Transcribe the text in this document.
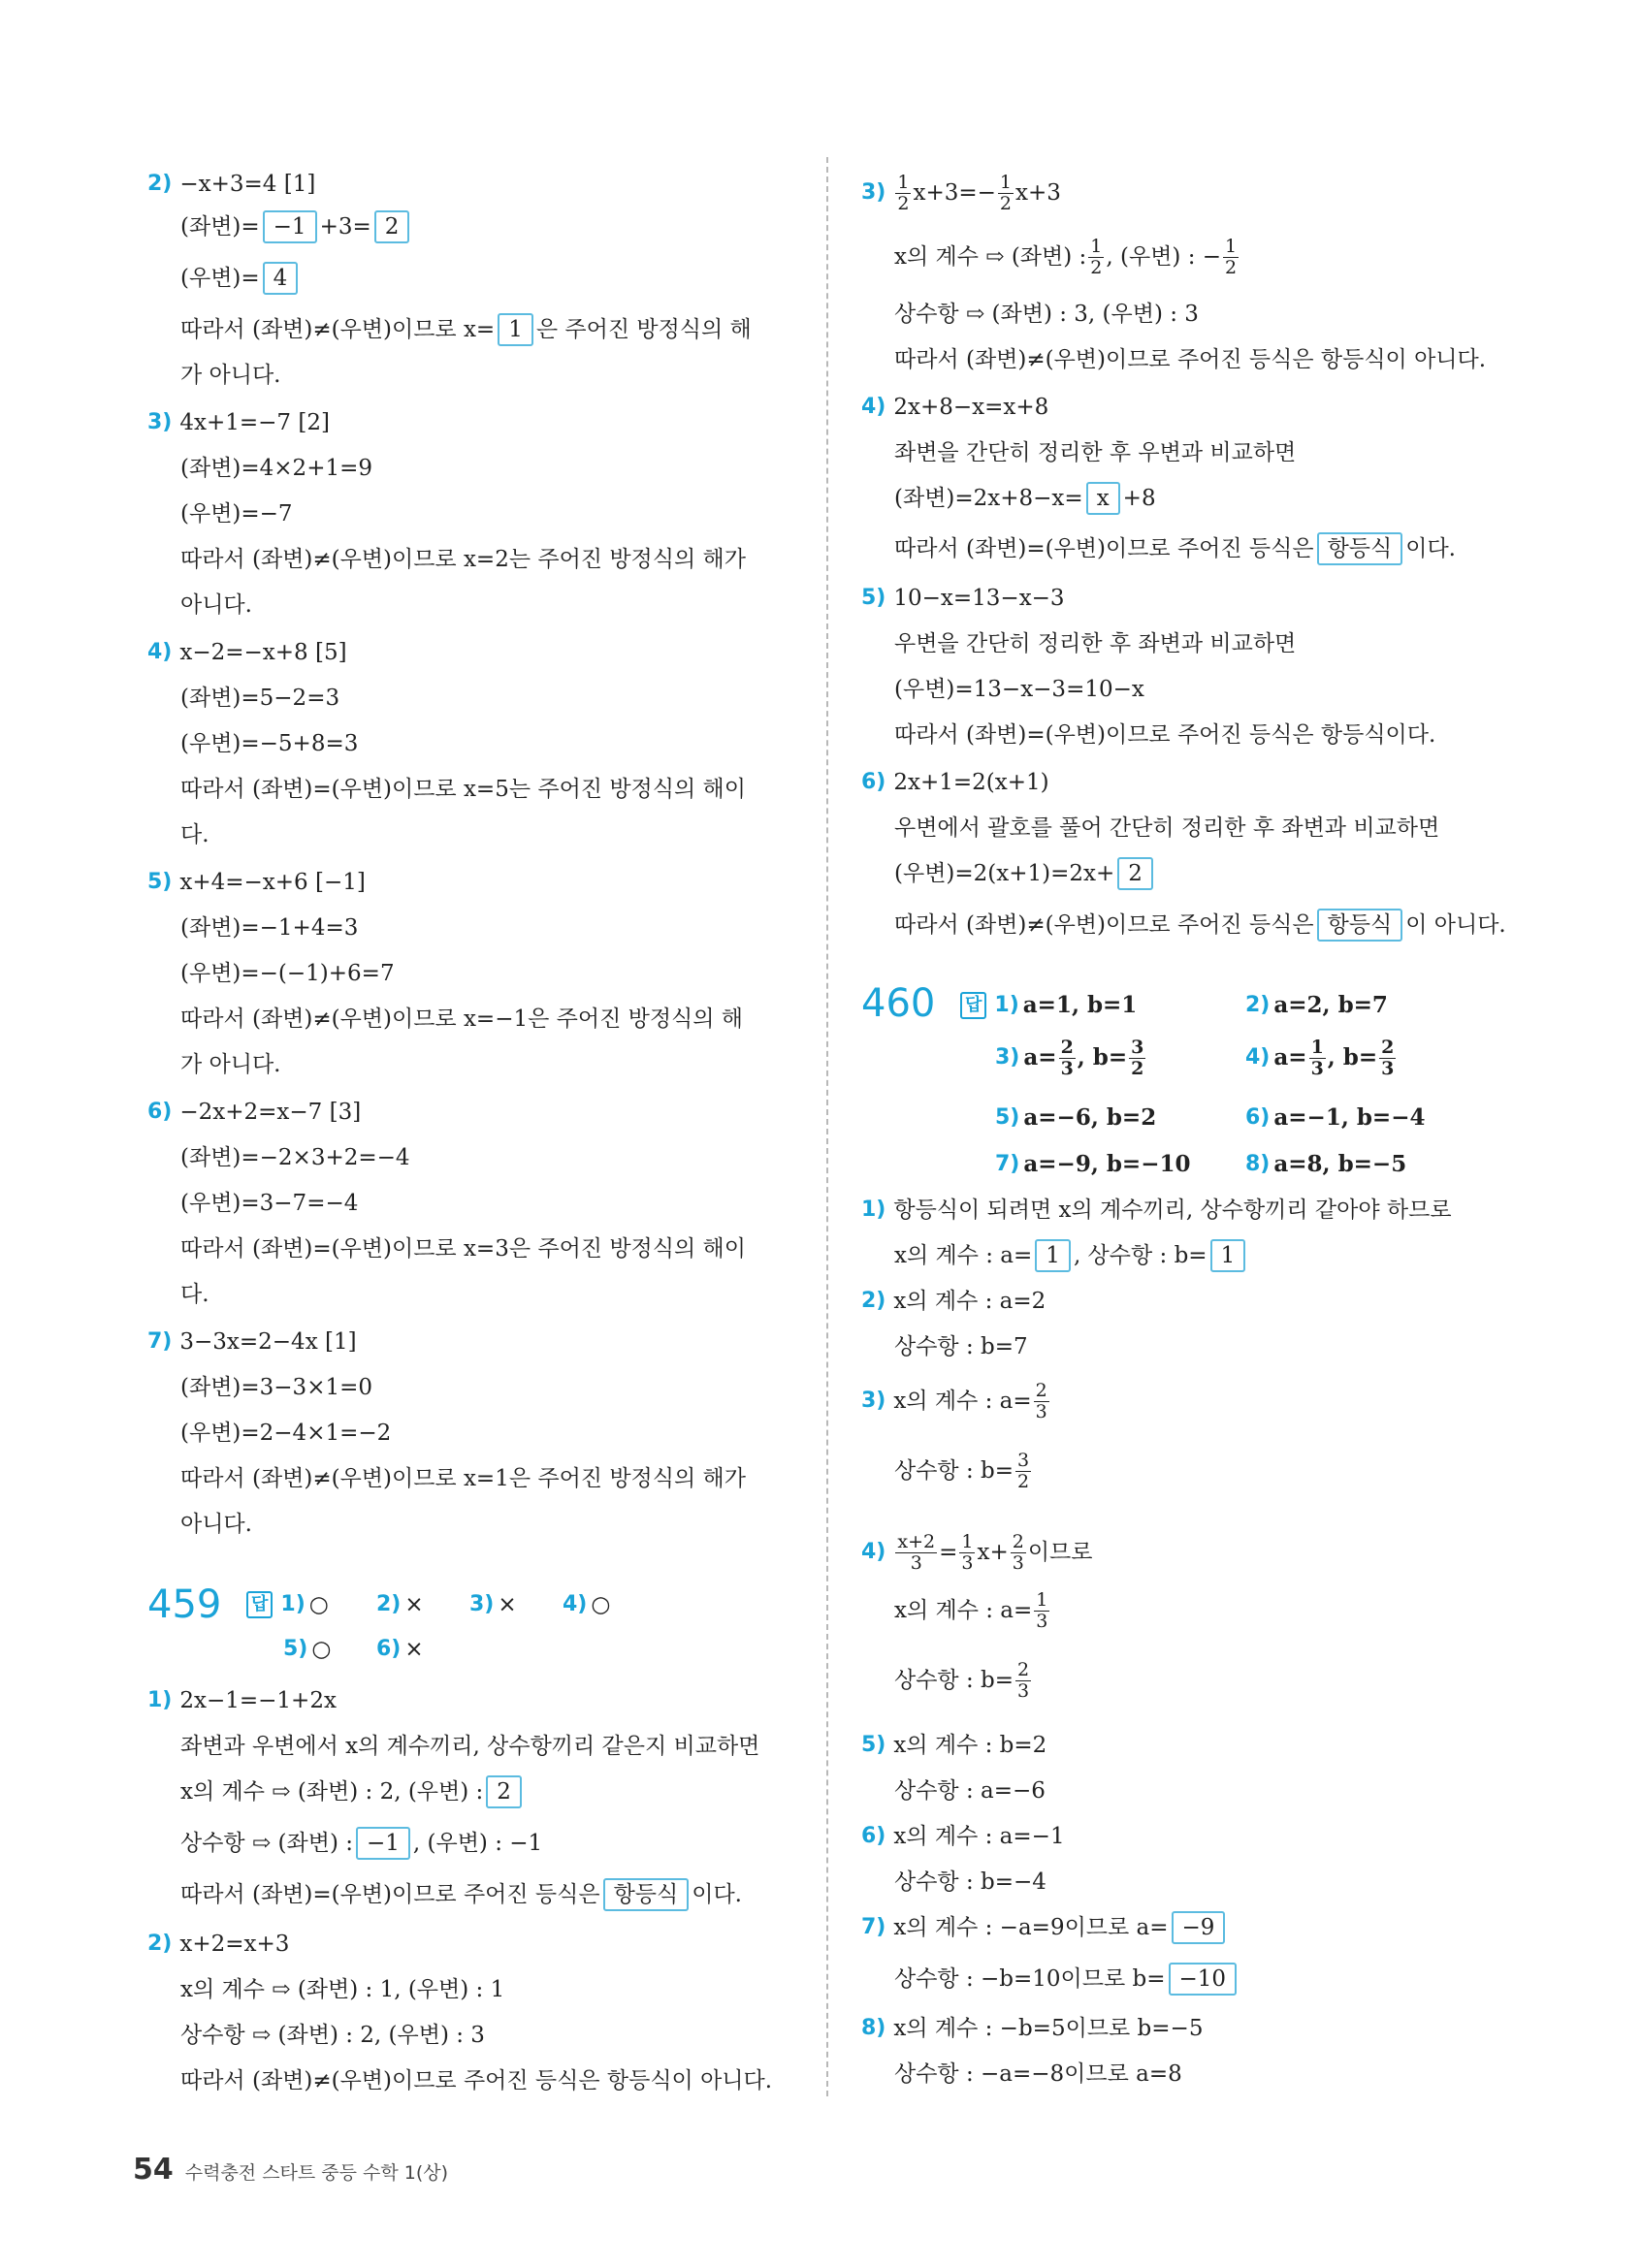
2) −x+3=4 [1]
(좌변)= −1 +3= 2
(우변)= 4
따라서 (좌변)≠(우변)이므로 x= 1 은 주어진 방정식의 해
가 아니다.
3) 4x+1=−7 [2]
(좌변)=4×2+1=9
(우변)=−7
따라서 (좌변)≠(우변)이므로 x=2는 주어진 방정식의 해가
아니다.
4) x−2=−x+8 [5]
(좌변)=5−2=3
(우변)=−5+8=3
따라서 (좌변)=(우변)이므로 x=5는 주어진 방정식의 해이
다.
5) x+4=−x+6 [−1]
(좌변)=−1+4=3
(우변)=−(−1)+6=7
따라서 (좌변)≠(우변)이므로 x=−1은 주어진 방정식의 해
가 아니다.
6) −2x+2=x−7 [3]
(좌변)=−2×3+2=−4
(우변)=3−7=−4
따라서 (좌변)=(우변)이므로 x=3은 주어진 방정식의 해이
다.
7) 3−3x=2−4x [1]
(좌변)=3−3×1=0
(우변)=2−4×1=−2
따라서 (좌변)≠(우변)이므로 x=1은 주어진 방정식의 해가
아니다.
459 답 1) ○ 2) × 3) × 4) ○
5) ○ 6) ×
1) 2x−1=−1+2x
좌변과 우변에서 x의 계수끼리, 상수항끼리 같은지 비교하면
x의 계수 ⇨ (좌변) : 2, (우변) : 2
상수항 ⇨ (좌변) : −1 , (우변) : −1
따라서 (좌변)=(우변)이므로 주어진 등식은 항등식 이다.
2) x+2=x+3
x의 계수 ⇨ (좌변) : 1, (우변) : 1
상수항 ⇨ (좌변) : 2, (우변) : 3
따라서 (좌변)≠(우변)이므로 주어진 등식은 항등식이 아니다.
$3) \frac{1}{2} x+3=- \frac{1}{2} x+3$
x의 계수 ⇨ (좌변) : $\frac{1}{2}$ , (우변) : − $\frac{1}{2}$
상수항 ⇨ (좌변) : 3, (우변) : 3
따라서 (좌변)≠(우변)이므로 주어진 등식은 항등식이 아니다.
4) 2x+8−x=x+8
좌변을 간단히 정리한 후 우변과 비교하면
(좌변)=2x+8−x= x +8
따라서 (좌변)=(우변)이므로 주어진 등식은 항등식 이다.
5) 10−x=13−x−3
우변을 간단히 정리한 후 좌변과 비교하면
(우변)=13−x−3=10−x
따라서 (좌변)=(우변)이므로 주어진 등식은 항등식이다.
6) 2x+1=2(x+1)
우변에서 괄호를 풀어 간단히 정리한 후 좌변과 비교하면
(우변)=2(x+1)=2x+ 2
따라서 (좌변)≠(우변)이므로 주어진 등식은 항등식 이 아니다.
460 답 1) a=1, b=1	2) a=2, b=7
3) $a= \frac{2}{3}$ , $b= \frac{3}{2}$	4) $a= \frac{1}{3}$ , $b= \frac{2}{3}$
5) a=−6, b=2	6) a=−1, b=−4
7) a=−9, b=−10	8) a=8, b=−5
1) 항등식이 되려면 x의 계수끼리, 상수항끼리 같아야 하므로
x의 계수 : a= 1 , 상수항 : b= 1
2) x의 계수 : a=2
상수항 : b=7
3) x의 계수 : $a= \frac{2}{3}$
상수항 : $b= \frac{3}{2}$
$4) \frac{x+2}{3} = \frac{1}{3} x+ \frac{2}{3}$ 이므로
x의 계수 : $a= \frac{1}{3}$
상수항 : $b= \frac{2}{3}$
5) x의 계수 : b=2
상수항 : a=−6
6) x의 계수 : a=−1
상수항 : b=−4
7) x의 계수 : −a=9이므로 a= −9
상수항 : −b=10이므로 b= −10
8) x의 계수 : −b=5이므로 b=−5
상수항 : −a=−8이므로 a=8
54 수력충전 스타트 중등 수학 1(상)
